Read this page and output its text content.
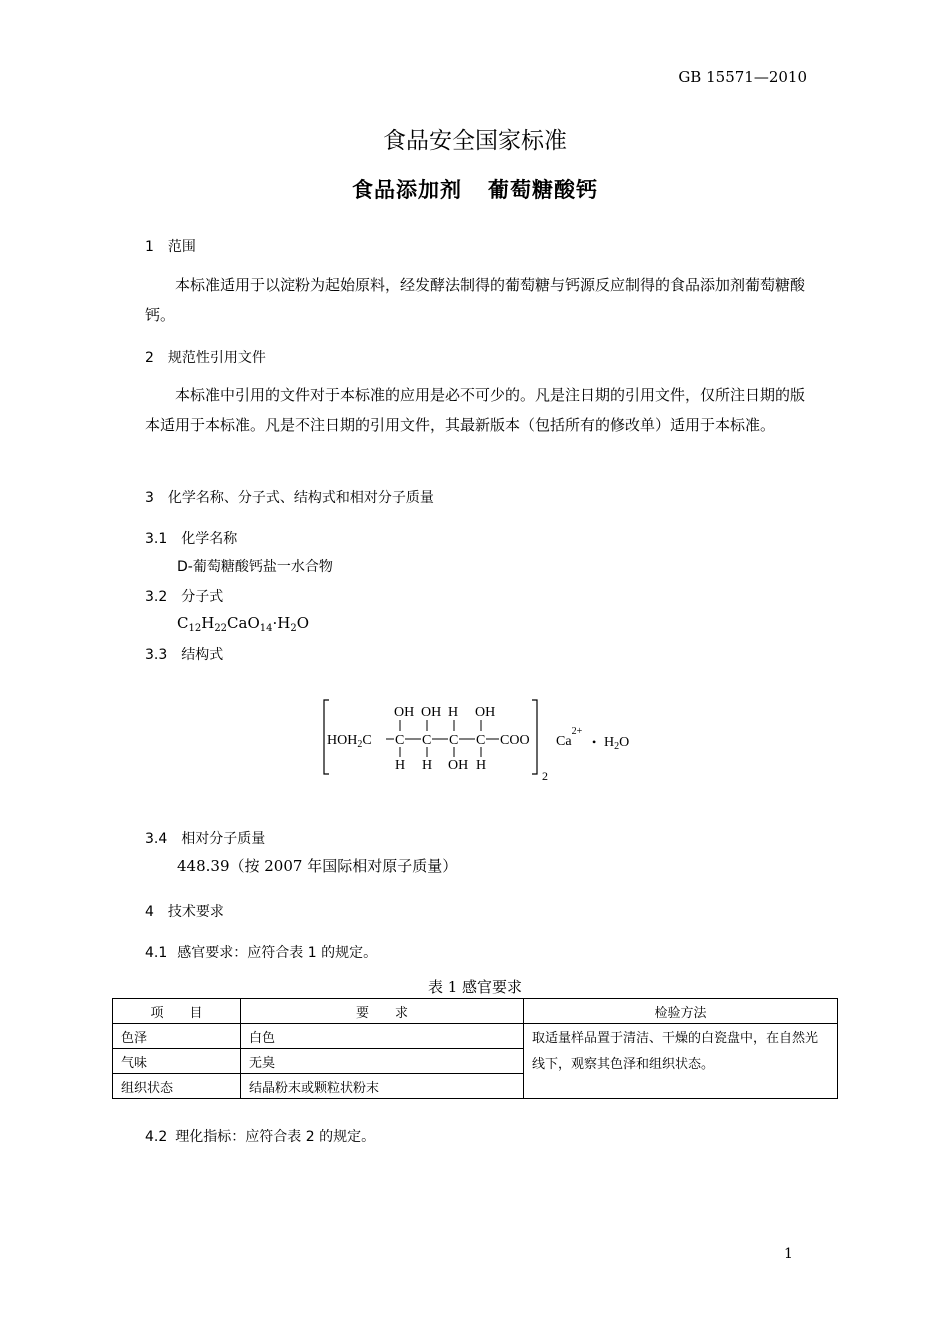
GB 15571—2010
食品安全国家标准
食品添加剂 葡萄糖酸钙
1 范围
本标准适用于以淀粉为起始原料，经发酵法制得的葡萄糖与钙源反应制得的食品添加剂葡萄糖酸钙。
2 规范性引用文件
本标准中引用的文件对于本标准的应用是必不可少的。凡是注日期的引用文件，仅所注日期的版本适用于本标准。凡是不注日期的引用文件，其最新版本（包括所有的修改单）适用于本标准。
3 化学名称、分子式、结构式和相对分子质量
3.1 化学名称
D-葡萄糖酸钙盐一水合物
3.2 分子式
$C_{12}H_{22}CaO_{14}\cdot H_2O$
3.3 结构式
OH OH H OH
$HOH_2C$ C C C C COO
H H OH H
2
$Ca^{2+}$
• $H_2O$
3.4 相对分子质量
448.39（按 2007 年国际相对原子质量）
4 技术要求
4.1 感官要求：应符合表 1 的规定。
表 1 感官要求
项　　目	要　　求	检验方法
色泽	白色	取适量样品置于清洁、干燥的白瓷盘中，在自然光线下，观察其色泽和组织状态。
气味	无臭	
组织状态	结晶粉末或颗粒状粉末	
4.2 理化指标：应符合表 2 的规定。
1
